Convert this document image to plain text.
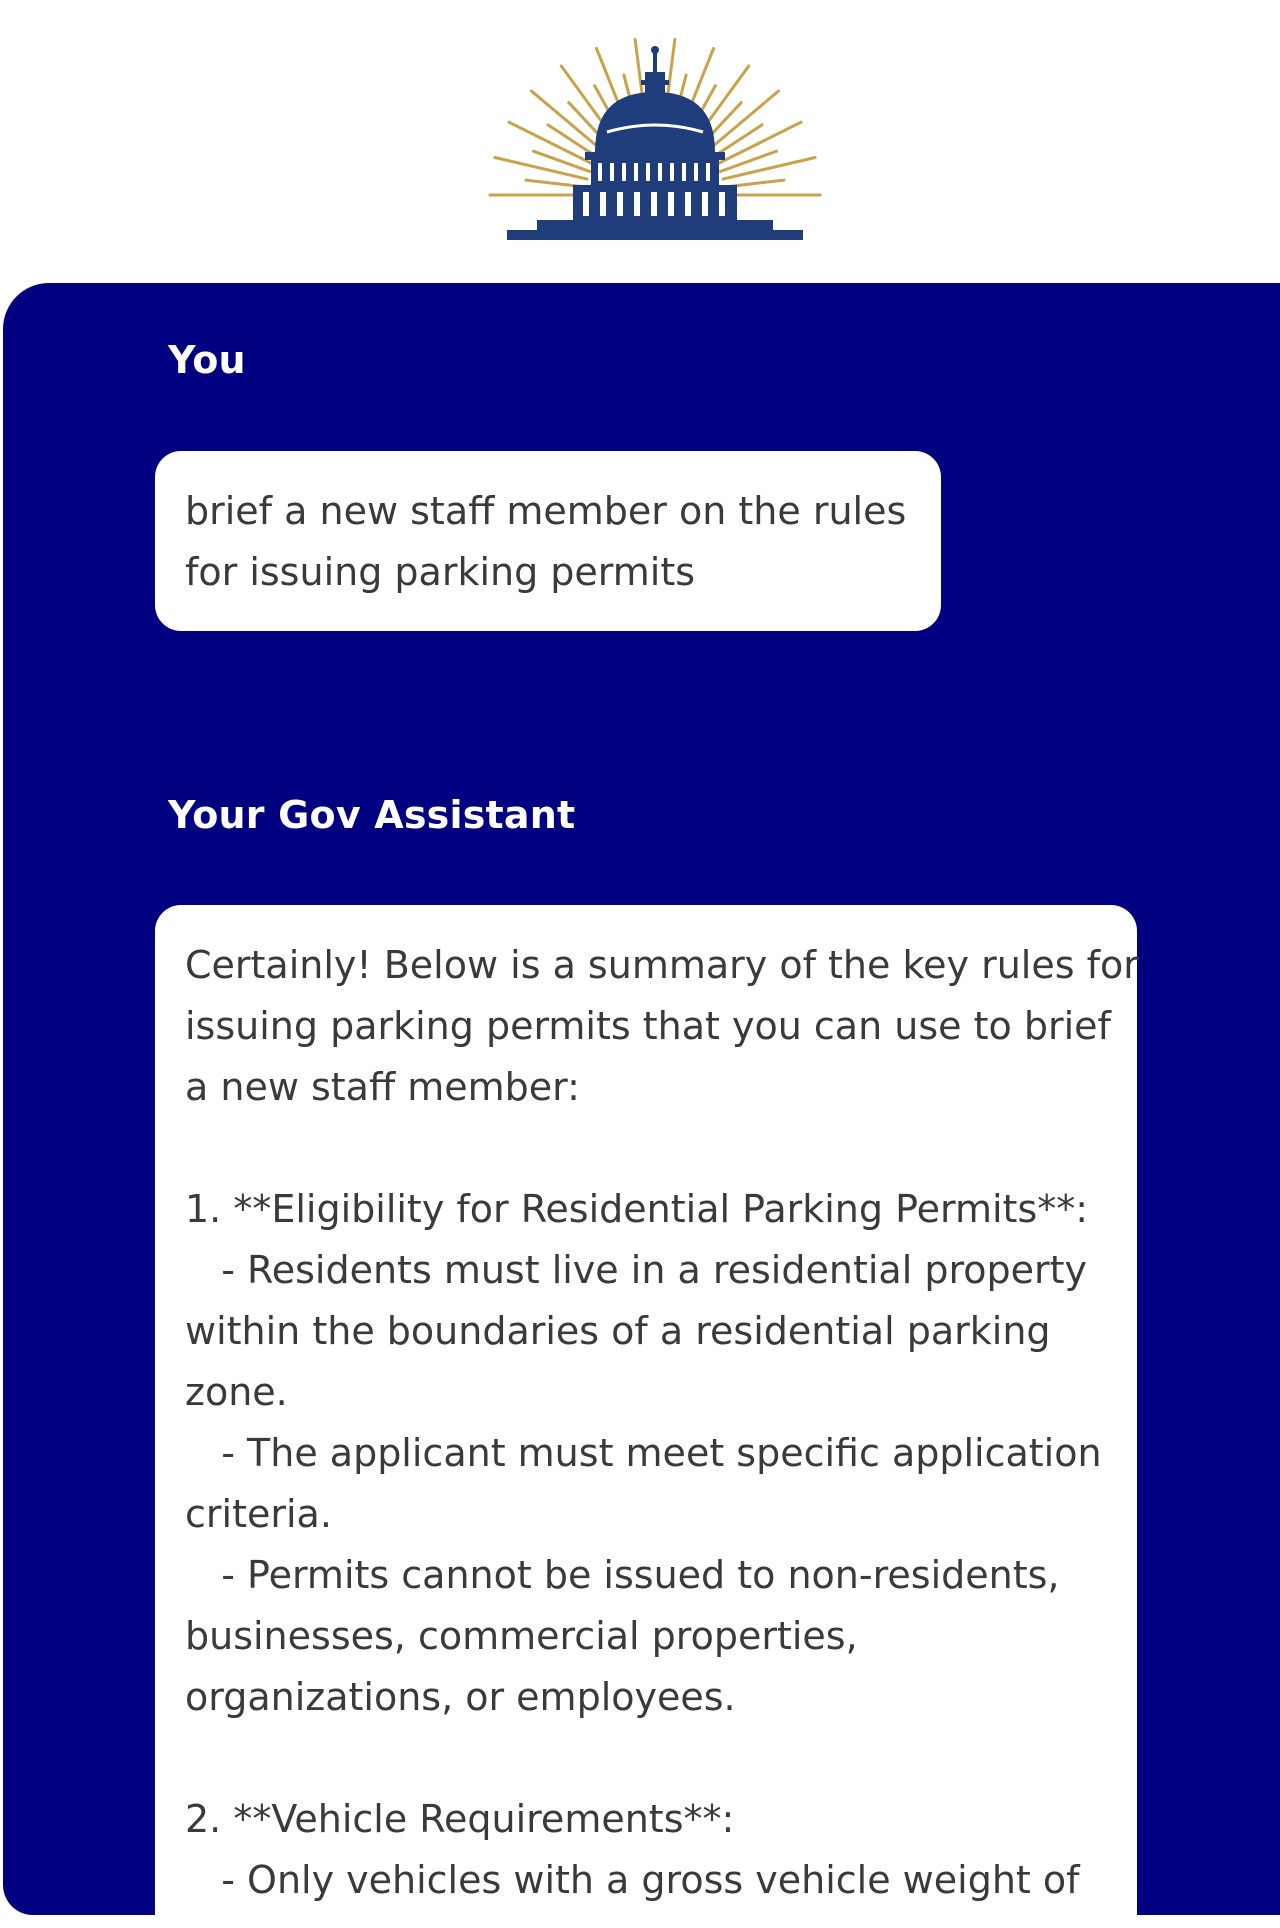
You
brief a new staff member on the rules
for issuing parking permits
Your Gov Assistant
Certainly! Below is a summary of the key rules for
issuing parking permits that you can use to brief
a new staff member:
1. **Eligibility for Residential Parking Permits**:
- Residents must live in a residential property
within the boundaries of a residential parking
zone.
- The applicant must meet specific application
criteria.
- Permits cannot be issued to non-residents,
businesses, commercial properties,
organizations, or employees.
2. **Vehicle Requirements**:
- Only vehicles with a gross vehicle weight of
